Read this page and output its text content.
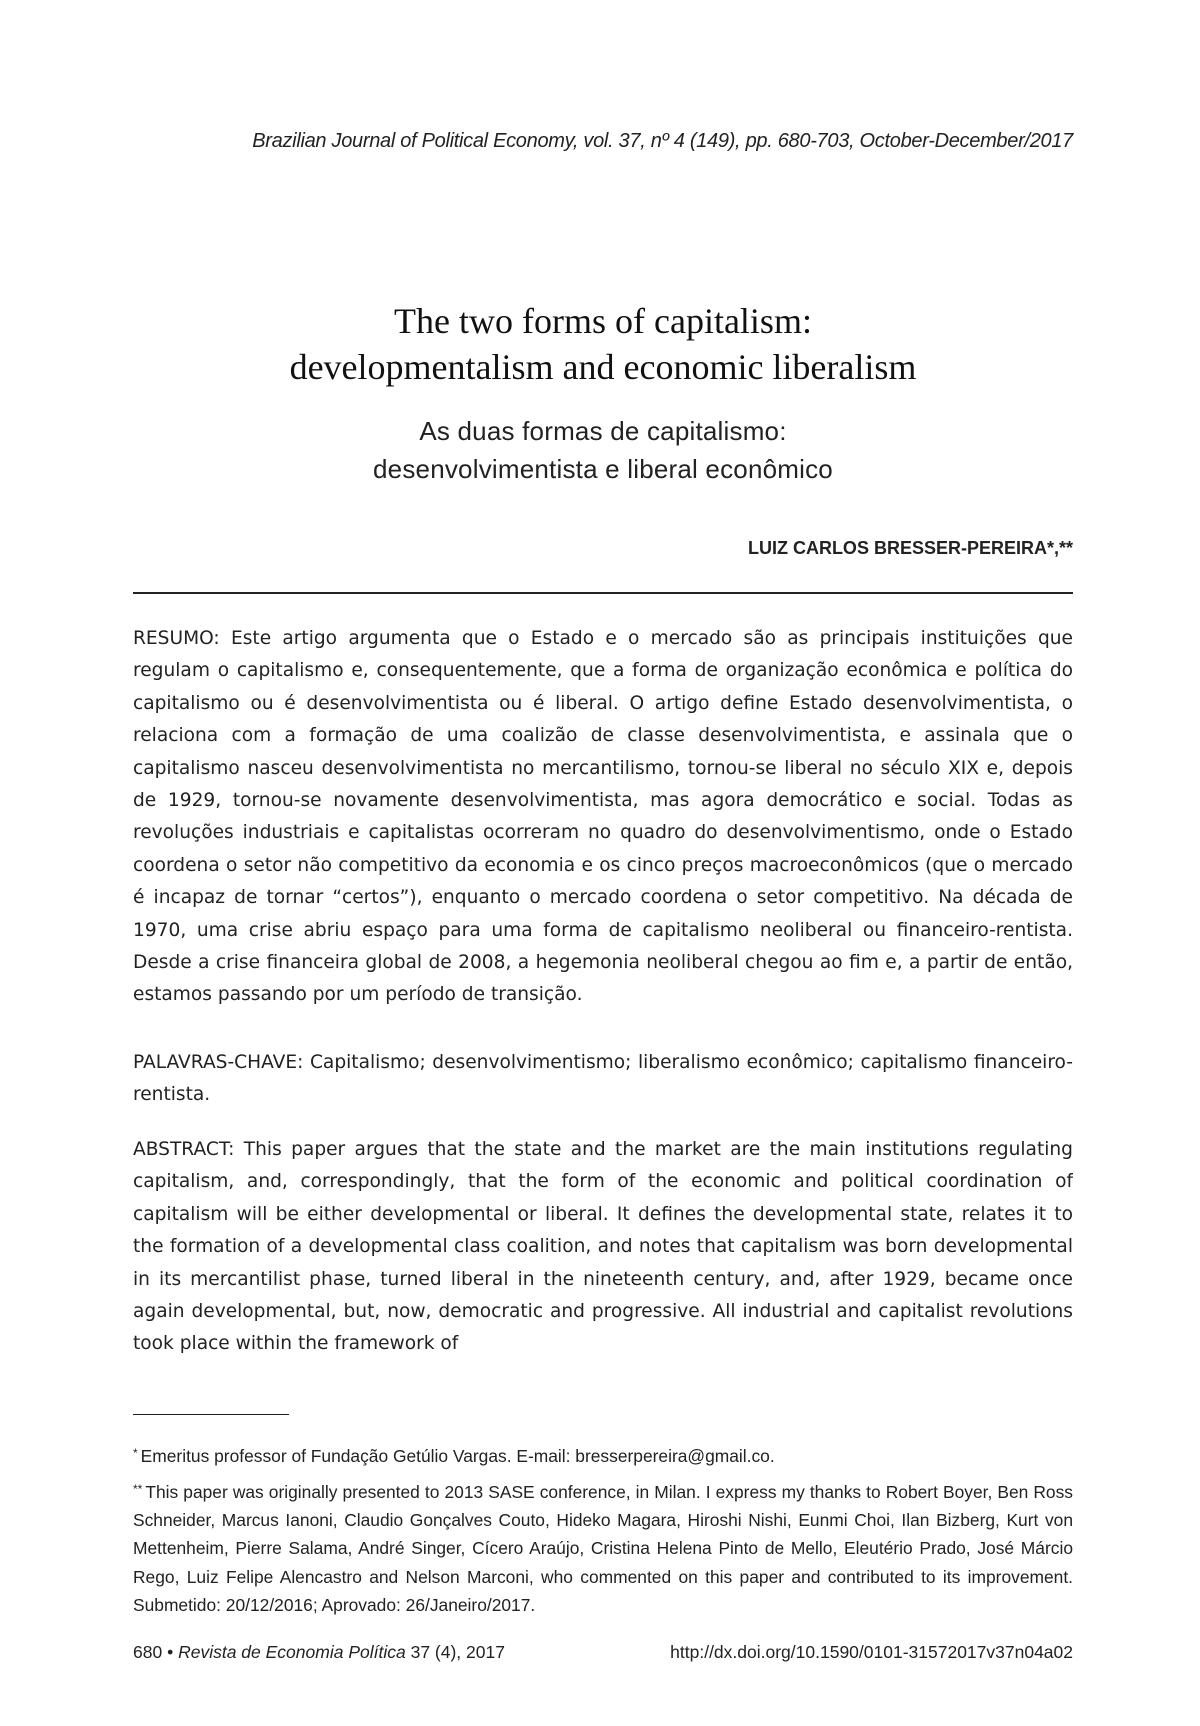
Brazilian Journal of Political Economy, vol. 37, nº 4 (149), pp. 680-703, October-December/2017
The two forms of capitalism:
developmentalism and economic liberalism
As duas formas de capitalismo:
desenvolvimentista e liberal econômico
LUIZ CARLOS BRESSER-PEREIRA*,**
RESUMO: Este artigo argumenta que o Estado e o mercado são as principais instituições que regulam o capitalismo e, consequentemente, que a forma de organização econômica e política do capitalismo ou é desenvolvimentista ou é liberal. O artigo define Estado desenvolvimentista, o relaciona com a formação de uma coalizão de classe desenvolvimentista, e assinala que o capitalismo nasceu desenvolvimentista no mercantilismo, tornou-se liberal no século XIX e, depois de 1929, tornou-se novamente desenvolvimentista, mas agora democrático e social. Todas as revoluções industriais e capitalistas ocorreram no quadro do desenvolvimentismo, onde o Estado coordena o setor não competitivo da economia e os cinco preços macroeconômicos (que o mercado é incapaz de tornar “certos”), enquanto o mercado coordena o setor competitivo. Na década de 1970, uma crise abriu espaço para uma forma de capitalismo neoliberal ou financeiro-rentista. Desde a crise financeira global de 2008, a hegemonia neoliberal chegou ao fim e, a partir de então, estamos passando por um período de transição.
PALAVRAS-CHAVE: Capitalismo; desenvolvimentismo; liberalismo econômico; capitalismo financeiro-rentista.
ABSTRACT: This paper argues that the state and the market are the main institutions regulating capitalism, and, correspondingly, that the form of the economic and political coordination of capitalism will be either developmental or liberal. It defines the developmental state, relates it to the formation of a developmental class coalition, and notes that capitalism was born developmental in its mercantilist phase, turned liberal in the nineteenth century, and, after 1929, became once again developmental, but, now, democratic and progressive. All industrial and capitalist revolutions took place within the framework of
* Emeritus professor of Fundação Getúlio Vargas. E-mail: bresserpereira@gmail.co.
** This paper was originally presented to 2013 SASE conference, in Milan. I express my thanks to Robert Boyer, Ben Ross Schneider, Marcus Ianoni, Claudio Gonçalves Couto, Hideko Magara, Hiroshi Nishi, Eunmi Choi, Ilan Bizberg, Kurt von Mettenheim, Pierre Salama, André Singer, Cícero Araújo, Cristina Helena Pinto de Mello, Eleutério Prado, José Márcio Rego, Luiz Felipe Alencastro and Nelson Marconi, who commented on this paper and contributed to its improvement. Submetido: 20/12/2016; Aprovado: 26/Janeiro/2017.
680 • Revista de Economia Política 37 (4), 2017	http://dx.doi.org/10.1590/0101-31572017v37n04a02
